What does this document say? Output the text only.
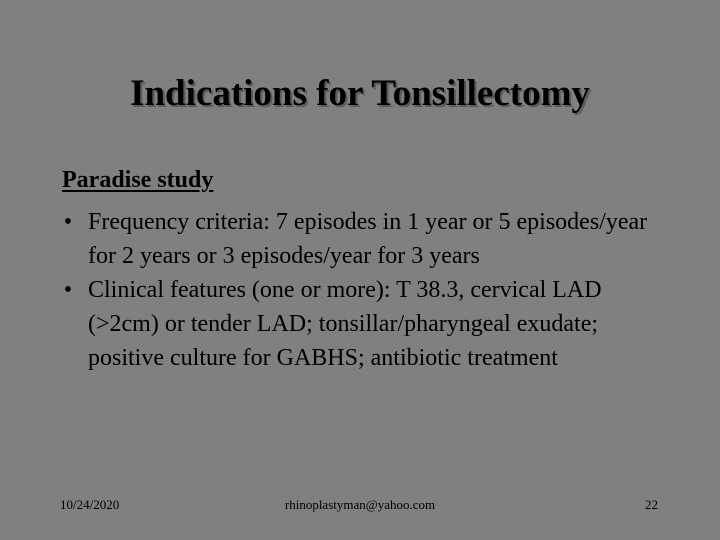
Indications for Tonsillectomy
Paradise study
• Frequency criteria: 7 episodes in 1 year or 5 episodes/year for 2 years or 3 episodes/year for 3 years
• Clinical features (one or more): T 38.3, cervical LAD (>2cm) or tender LAD; tonsillar/pharyngeal exudate; positive culture for GABHS; antibiotic treatment
10/24/2020	rhinoplastyman@yahoo.com	22
